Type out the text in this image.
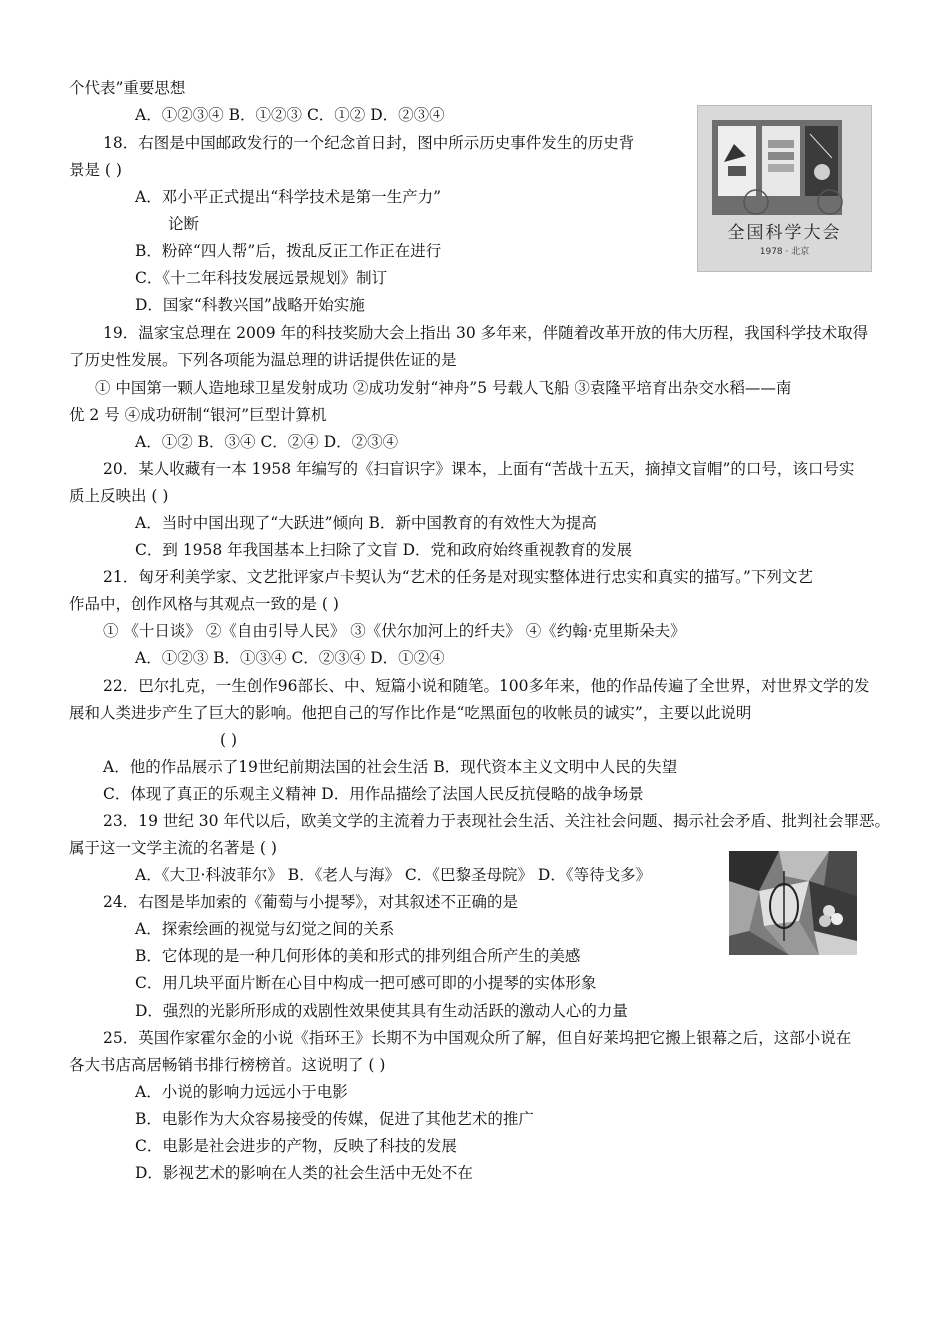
个代表”重要思想
A．①②③④ B．①②③ C．①② D．②③④
18．右图是中国邮政发行的一个纪念首日封，图中所示历史事件发生的历史背
景是 ( )
A．邓小平正式提出“科学技术是第一生产力”
论断
B．粉碎“四人帮”后，拨乱反正工作正在进行
C．《十二年科技发展远景规划》制订
D．国家“科教兴国”战略开始实施
全国科学大会
1978 · 北京
19．温家宝总理在 2009 年的科技奖励大会上指出 30 多年来，伴随着改革开放的伟大历程，我国科学技术取得
了历史性发展。下列各项能为温总理的讲话提供佐证的是
① 中国第一颗人造地球卫星发射成功 ②成功发射“神舟”5 号载人飞船 ③袁隆平培育出杂交水稻——南
优 2 号 ④成功研制“银河”巨型计算机
A．①② B．③④ C．②④ D．②③④
20．某人收藏有一本 1958 年编写的《扫盲识字》课本，上面有“苦战十五天，摘掉文盲帽”的口号，该口号实
质上反映出 ( )
A．当时中国出现了“大跃进”倾向 B．新中国教育的有效性大为提高
C．到 1958 年我国基本上扫除了文盲 D．党和政府始终重视教育的发展
21．匈牙利美学家、文艺批评家卢卡契认为“艺术的任务是对现实整体进行忠实和真实的描写。”下列文艺
作品中，创作风格与其观点一致的是 ( )
① 《十日谈》 ②《自由引导人民》 ③《伏尔加河上的纤夫》 ④《约翰·克里斯朵夫》
A．①②③ B．①③④ C．②③④ D．①②④
22．巴尔扎克，一生创作96部长、中、短篇小说和随笔。100多年来，他的作品传遍了全世界，对世界文学的发
展和人类进步产生了巨大的影响。他把自己的写作比作是“吃黑面包的收帐员的诚实”，主要以此说明
( )
A．他的作品展示了19世纪前期法国的社会生活 B．现代资本主义文明中人民的失望
C．体现了真正的乐观主义精神 D．用作品描绘了法国人民反抗侵略的战争场景
23．19 世纪 30 年代以后，欧美文学的主流着力于表现社会生活、关注社会问题、揭示社会矛盾、批判社会罪恶。
属于这一文学主流的名著是 ( )
A．《大卫·科波菲尔》 B．《老人与海》 C．《巴黎圣母院》 D．《等待戈多》
24．右图是毕加索的《葡萄与小提琴》，对其叙述不正确的是
A．探索绘画的视觉与幻觉之间的关系
B．它体现的是一种几何形体的美和形式的排列组合所产生的美感
C．用几块平面片断在心目中构成一把可感可即的小提琴的实体形象
D．强烈的光影所形成的戏剧性效果使其具有生动活跃的激动人心的力量
25．英国作家霍尔金的小说《指环王》长期不为中国观众所了解，但自好莱坞把它搬上银幕之后，这部小说在
各大书店高居畅销书排行榜榜首。这说明了 ( )
A．小说的影响力远远小于电影
B．电影作为大众容易接受的传媒，促进了其他艺术的推广
C．电影是社会进步的产物，反映了科技的发展
D．影视艺术的影响在人类的社会生活中无处不在
